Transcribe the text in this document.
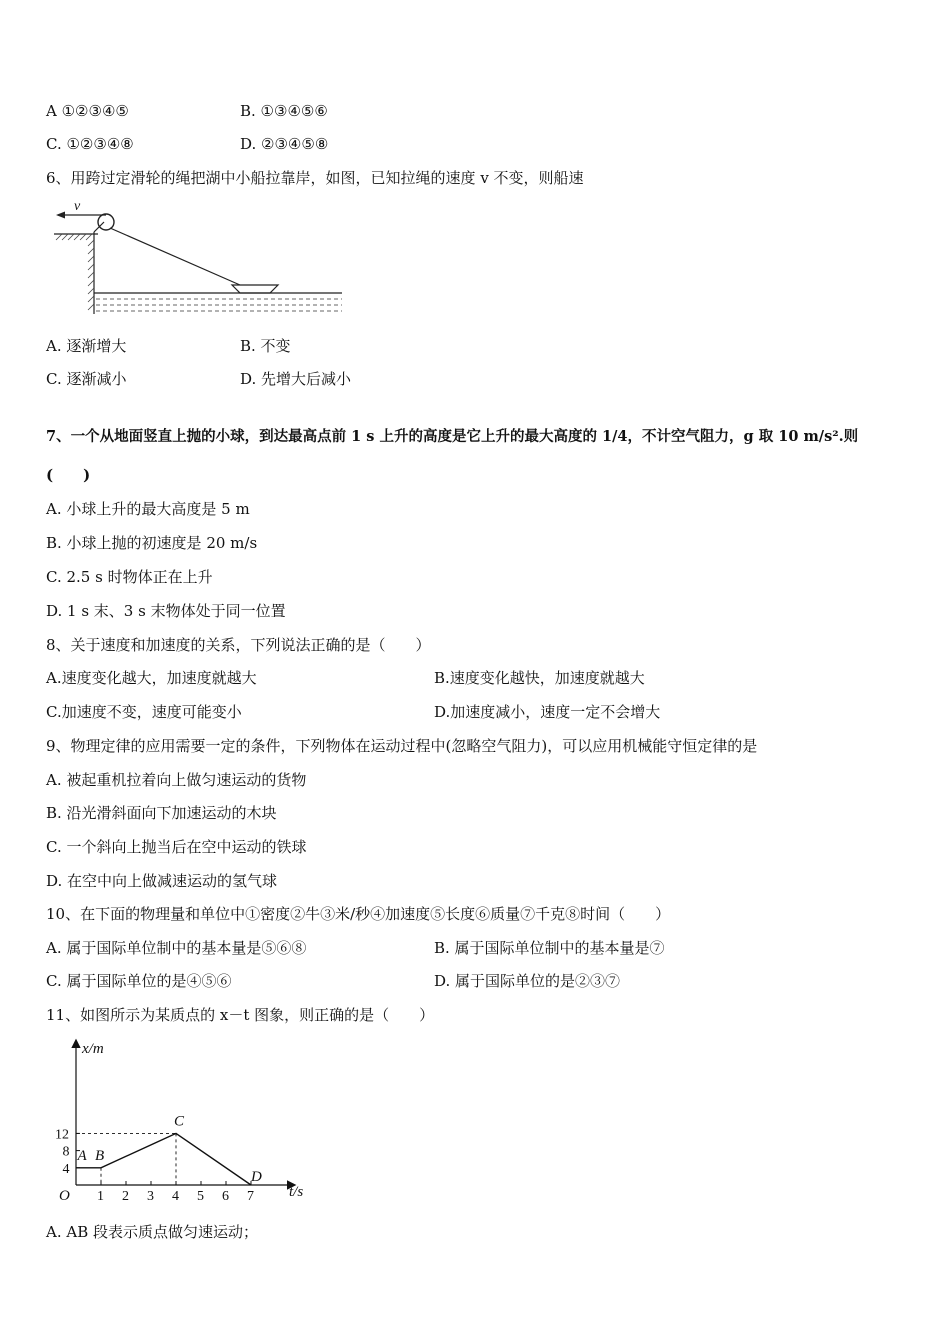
A ①②③④⑤	B. ①③④⑤⑥
C. ①②③④⑧	D. ②③④⑤⑧
6、用跨过定滑轮的绳把湖中小船拉靠岸，如图，已知拉绳的速度 v 不变，则船速
v
A. 逐渐增大	B. 不变
C. 逐渐减小	D. 先增大后减小
7、一个从地面竖直上抛的小球，到达最高点前 1 s 上升的高度是它上升的最大高度的 1/4，不计空气阻力，g 取 10 m/s².则
(　　)
A. 小球上升的最大高度是 5 m
B. 小球上抛的初速度是 20 m/s
C. 2.5 s 时物体正在上升
D. 1 s 末、3 s 末物体处于同一位置
8、关于速度和加速度的关系，下列说法正确的是（　　）
A.速度变化越大，加速度就越大	B.速度变化越快，加速度就越大
C.加速度不变，速度可能变小	D.加速度减小，速度一定不会增大
9、物理定律的应用需要一定的条件，下列物体在运动过程中(忽略空气阻力)，可以应用机械能守恒定律的是
A. 被起重机拉着向上做匀速运动的货物
B. 沿光滑斜面向下加速运动的木块
C. 一个斜向上抛当后在空中运动的铁球
D. 在空中向上做减速运动的氢气球
10、在下面的物理量和单位中①密度②牛③米/秒④加速度⑤长度⑥质量⑦千克⑧时间（　　）
A. 属于国际单位制中的基本量是⑤⑥⑧	B. 属于国际单位制中的基本量是⑦
C. 属于国际单位的是④⑤⑥	D. 属于国际单位的是②③⑦
11、如图所示为某质点的 x－t 图象，则正确的是（　　）
1 2 3 4 5 6 7
4
8
12
x/m
t/s
O
A B
C
D
A. AB 段表示质点做匀速运动；
